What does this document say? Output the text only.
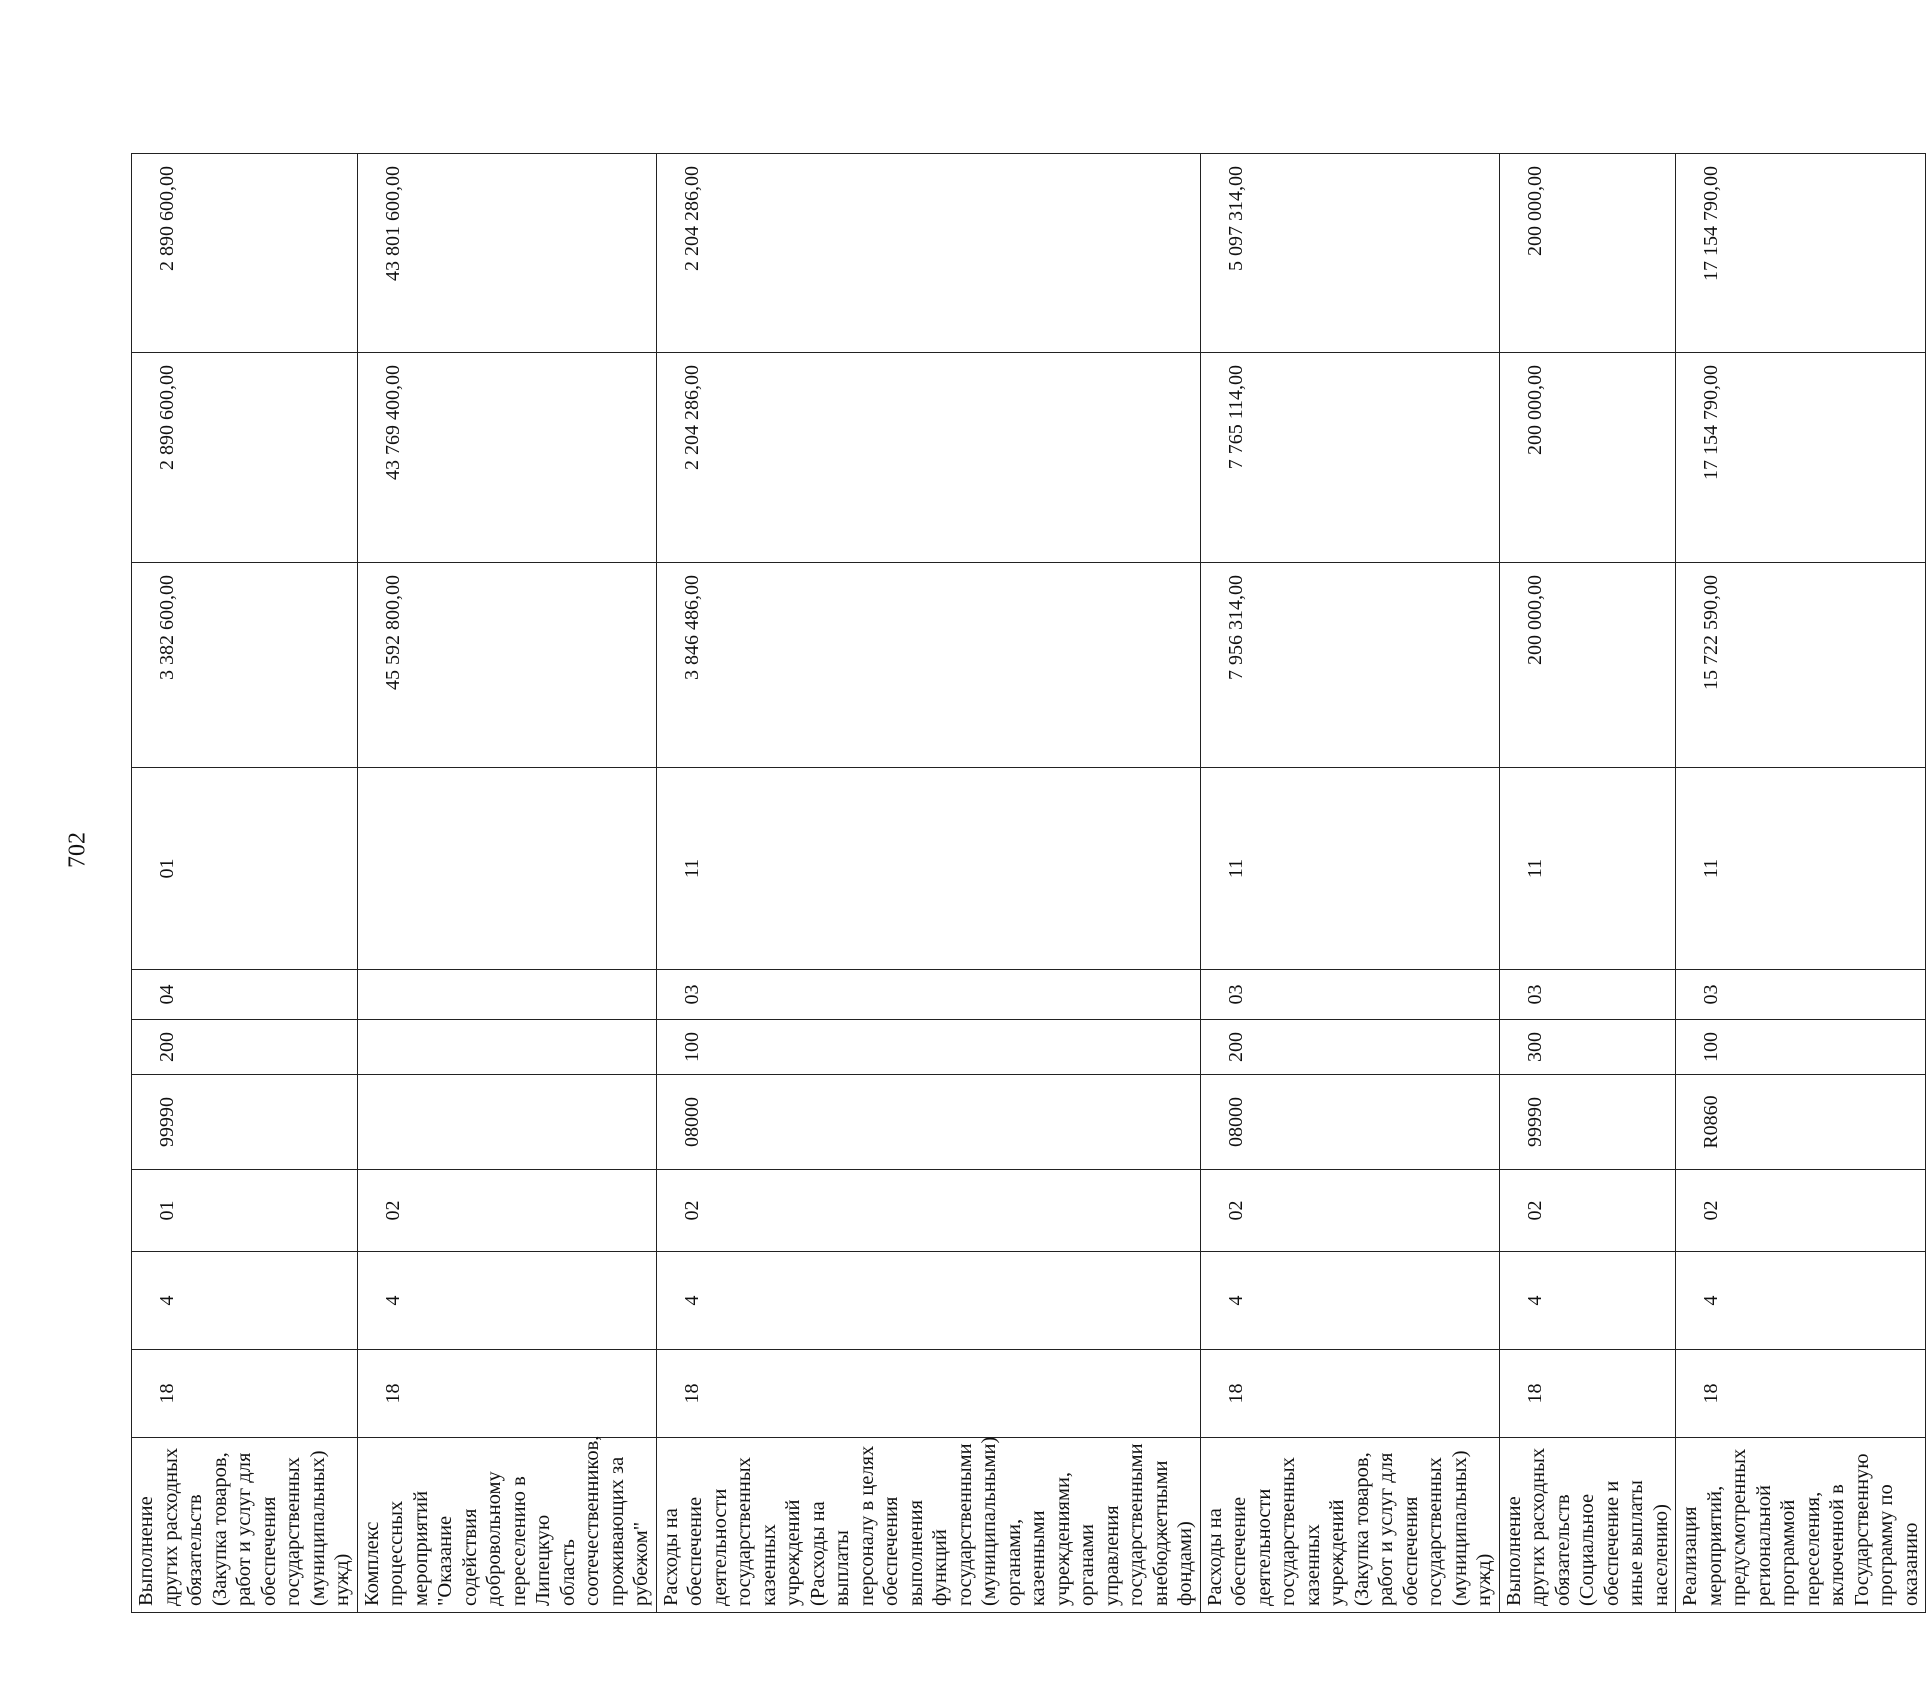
702
Выполнение других расходных обязательств (Закупка товаров, работ и услуг для обеспечения государственных (муниципальных) нужд)	18	4	01	99990	200	04	01	3 382 600,00	2 890 600,00	2 890 600,00
Комплекс процессных мероприятий "Оказание содействия добровольному переселению в Липецкую область соотечественников, проживающих за рубежом"	18	4	02					45 592 800,00	43 769 400,00	43 801 600,00
Расходы на обеспечение деятельности государственных казенных учреждений (Расходы на выплаты персоналу в целях обеспечения выполнения функций государственными (муниципальными) органами, казенными учреждениями, органами управления государственными внебюджетными фондами)	18	4	02	08000	100	03	11	3 846 486,00	2 204 286,00	2 204 286,00
Расходы на обеспечение деятельности государственных казенных учреждений (Закупка товаров, работ и услуг для обеспечения государственных (муниципальных) нужд)	18	4	02	08000	200	03	11	7 956 314,00	7 765 114,00	5 097 314,00
Выполнение других расходных обязательств (Социальное обеспечение и иные выплаты населению)	18	4	02	99990	300	03	11	200 000,00	200 000,00	200 000,00
Реализация мероприятий, предусмотренных региональной программой переселения, включенной в Государственную программу по оказанию	18	4	02	R0860	100	03	11	15 722 590,00	17 154 790,00	17 154 790,00
